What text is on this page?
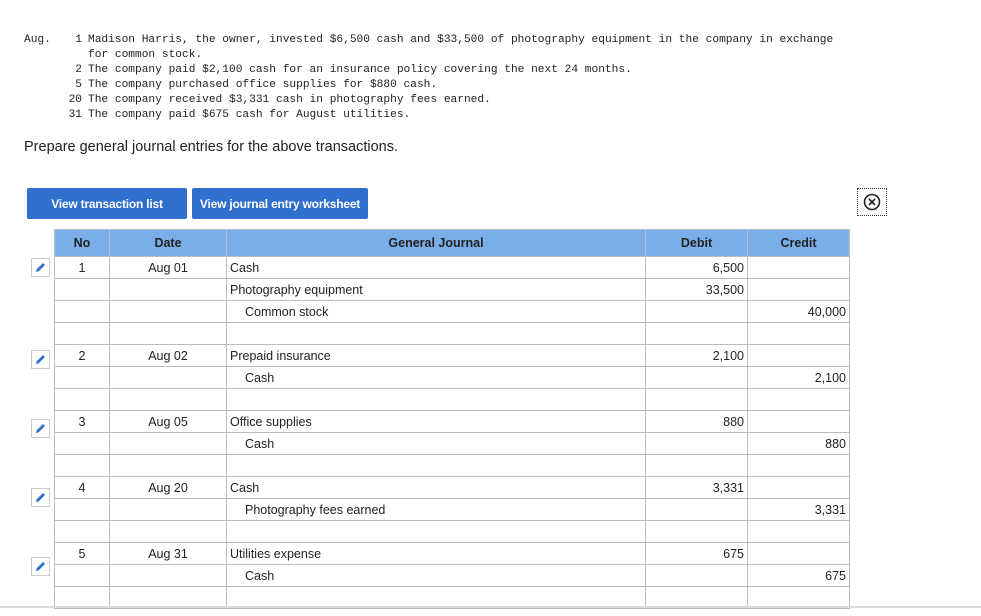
Aug.	1 Madison Harris, the owner, invested $6,500 cash and $33,500 of photography equipment in the company in exchange
for common stock.
2 The company paid $2,100 cash for an insurance policy covering the next 24 months.
5 The company purchased office supplies for $880 cash.
20 The company received $3,331 cash in photography fees earned.
31 The company paid $675 cash for August utilities.
Prepare general journal entries for the above transactions.
View transaction list	View journal entry worksheet
No	Date	General Journal	Debit	Credit
1	Aug 01	Cash	6,500	
		Photography equipment	33,500	
		Common stock		40,000

2	Aug 02	Prepaid insurance	2,100	
		Cash		2,100

3	Aug 05	Office supplies	880	
		Cash		880

4	Aug 20	Cash	3,331	
		Photography fees earned		3,331

5	Aug 31	Utilities expense	675	
		Cash		675
